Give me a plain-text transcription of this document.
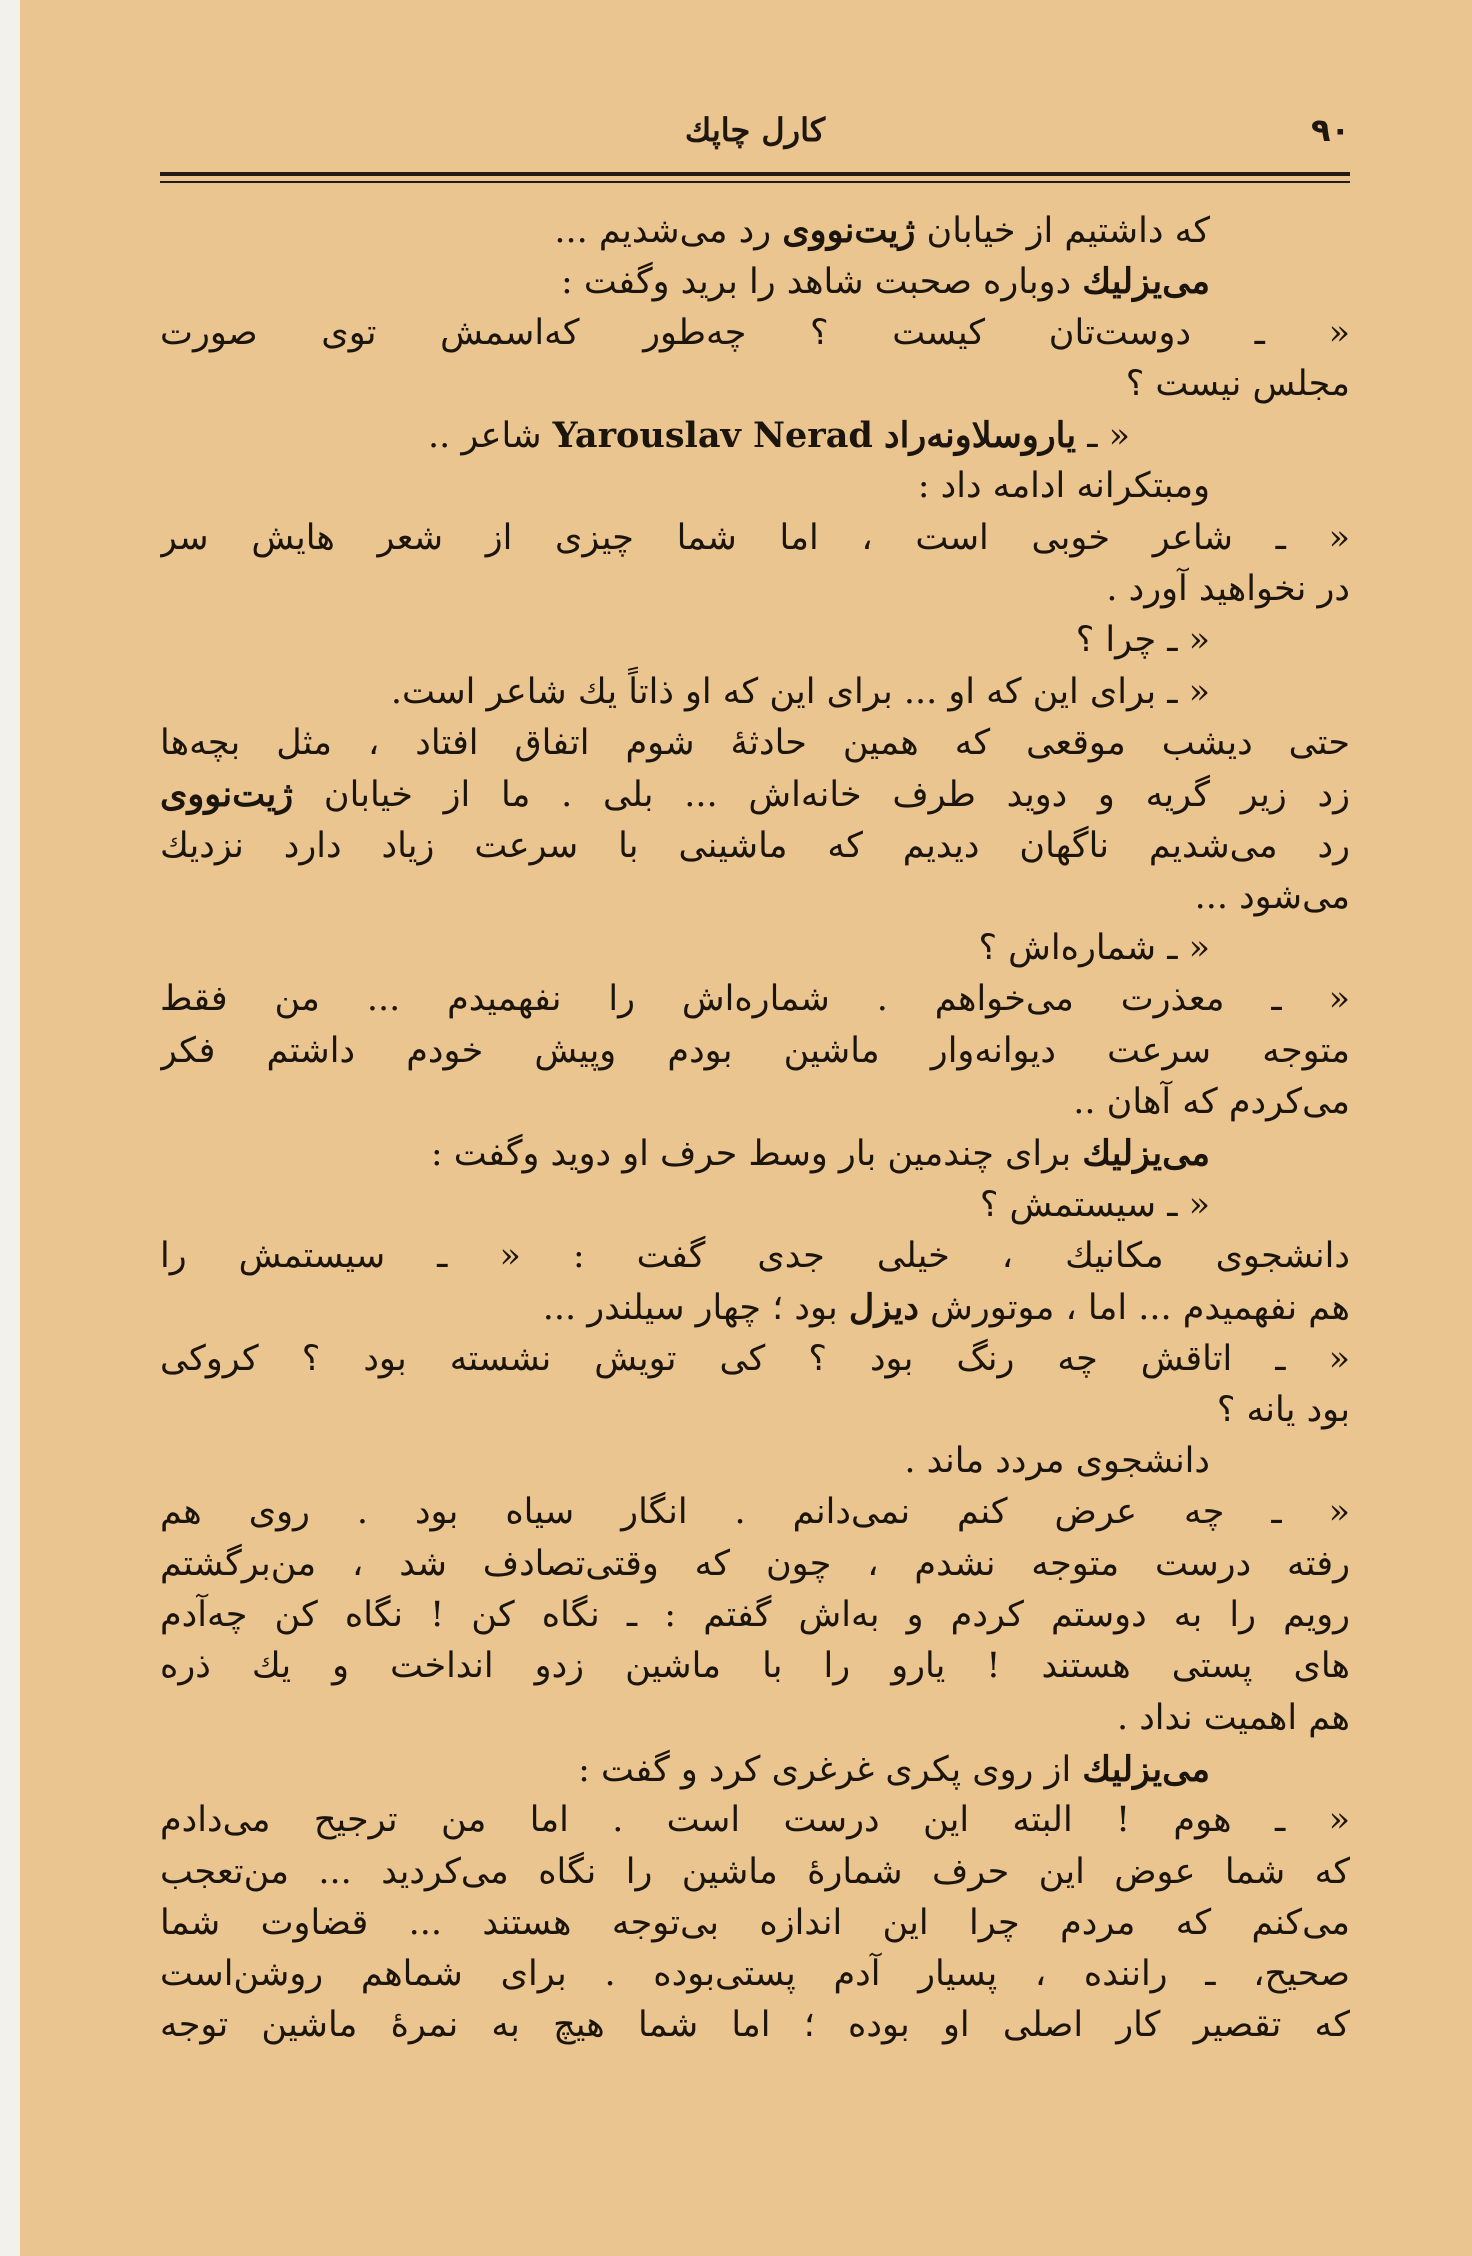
۹۰
کارل چاپك
که داشتیم از خیابان ژیت‌نووی رد می‌شدیم ...
می‌یزلیك دوباره صحبت شاهد را برید وگفت :
« ـ دوست‌تان کیست ؟ چه‌طور که‌اسمش توی صورت
مجلس نیست ؟
« ـ یاروسلاونه‌راد Yarouslav Nerad شاعر ..
ومبتکرانه ادامه داد :
« ـ شاعر خوبی است ، اما شما چیزی از شعر هایش سر
در نخواهید آورد .
« ـ چرا ؟
« ـ برای این که او ... برای این که او ذاتاً یك شاعر است.
حتی دیشب موقعی که همین حادثهٔ شوم اتفاق افتاد ، مثل بچه‌ها
زد زیر گریه و دوید طرف خانه‌اش ... بلی . ما از خیابان ژیت‌نووی
رد می‌شدیم ناگهان دیدیم که ماشینی با سرعت زیاد دارد نزدیك
می‌شود ...
« ـ شماره‌اش ؟
« ـ معذرت می‌خواهم . شماره‌اش را نفهمیدم ... من فقط
متوجه سرعت دیوانه‌وار ماشین بودم وپیش خودم داشتم فکر
می‌کردم که آهان ..
می‌یزلیك برای چندمین بار وسط حرف او دوید وگفت :
« ـ سیستمش ؟
دانشجوی مکانیك ، خیلی جدی گفت : « ـ سیستمش را
هم نفهمیدم ... اما ، موتورش دیزل بود ؛ چهار سیلندر ...
« ـ اتاقش چه رنگ بود ؟ کی تویش نشسته بود ؟ کروکی
بود یانه ؟
دانشجوی مردد ماند .
« ـ چه عرض کنم نمی‌دانم . انگار سیاه بود . روی هم
رفته درست متوجه نشدم ، چون که وقتی‌تصادف شد ، من‌برگشتم
رویم را به دوستم کردم و به‌اش گفتم : ـ نگاه کن ! نگاه کن چه‌آدم
های پستی هستند ! یارو را با ماشین زدو انداخت و یك ذره
هم اهمیت نداد .
می‌یزلیك از روی پکری غرغری کرد و گفت :
« ـ هوم ! البته این درست است . اما من ترجیح می‌دادم
که شما عوض این حرف شمارهٔ ماشین را نگاه می‌کردید ... من‌تعجب
می‌کنم که مردم چرا این اندازه بی‌توجه هستند ... قضاوت شما
صحیح، ـ راننده ، پسیار آدم پستی‌بوده . برای شماهم روشن‌است
که تقصیر کار اصلی او بوده ؛ اما شما هیچ به نمرهٔ ماشین توجه
